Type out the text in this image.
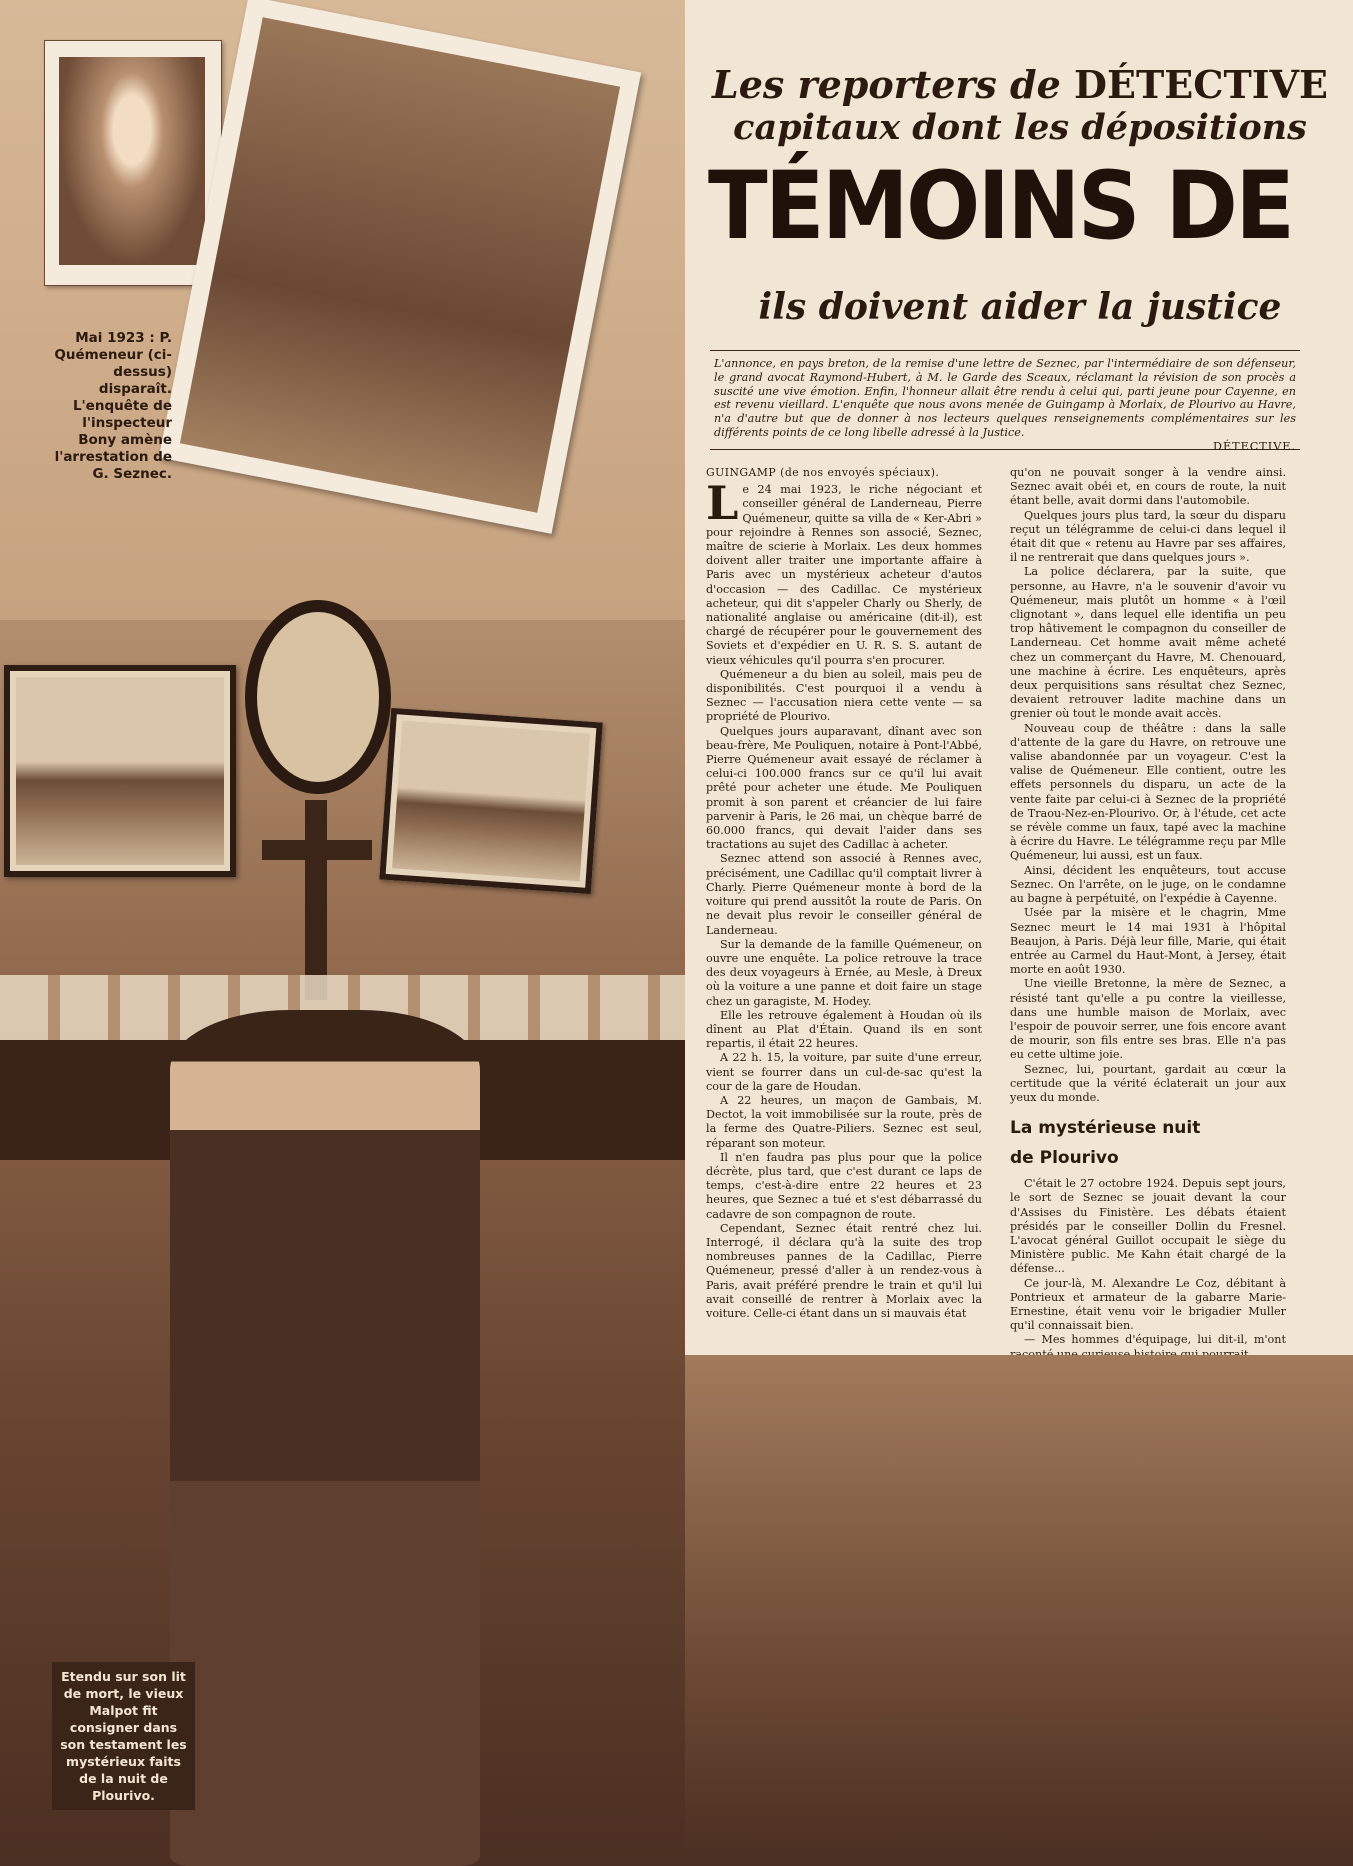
Mai 1923 : P. Quémeneur (ci-dessus) disparaît. L'enquête de l'inspecteur Bony amène l'arrestation de G. Seznec.
Les reporters de DÉTECTIVE
capitaux dont les dépositions
TÉMOINS DE
ils doivent aider la justice
L'annonce, en pays breton, de la remise d'une lettre de Seznec, par l'intermédiaire de son défenseur, le grand avocat Raymond-Hubert, à M. le Garde des Sceaux, réclamant la révision de son procès a suscité une vive émotion. Enfin, l'honneur allait être rendu à celui qui, parti jeune pour Cayenne, en est revenu vieillard. L'enquête que nous avons menée de Guingamp à Morlaix, de Plourivo au Havre, n'a d'autre but que de donner à nos lecteurs quelques renseignements complémentaires sur les différents points de ce long libelle adressé à la Justice.
DÉTECTIVE.

GUINGAMP (de nos envoyés spéciaux).

Le 24 mai 1923, le riche négociant et conseiller général de Landerneau, Pierre Quémeneur, quitte sa villa de « Ker-Abri » pour rejoindre à Rennes son associé, Seznec, maître de scierie à Morlaix. Les deux hommes doivent aller traiter une importante affaire à Paris avec un mystérieux acheteur d'autos d'occasion — des Cadillac. Ce mystérieux acheteur, qui dit s'appeler Charly ou Sherly, de nationalité anglaise ou américaine (dit-il), est chargé de récupérer pour le gouvernement des Soviets et d'expédier en U. R. S. S. autant de vieux véhicules qu'il pourra s'en procurer.

Quémeneur a du bien au soleil, mais peu de disponibilités. C'est pourquoi il a vendu à Seznec — l'accusation niera cette vente — sa propriété de Plourivo.

Quelques jours auparavant, dînant avec son beau-frère, Me Pouliquen, notaire à Pont-l'Abbé, Pierre Quémeneur avait essayé de réclamer à celui-ci 100.000 francs sur ce qu'il lui avait prêté pour acheter une étude. Me Pouliquen promit à son parent et créancier de lui faire parvenir à Paris, le 26 mai, un chèque barré de 60.000 francs, qui devait l'aider dans ses tractations au sujet des Cadillac à acheter.

Seznec attend son associé à Rennes avec, précisément, une Cadillac qu'il comptait livrer à Charly. Pierre Quémeneur monte à bord de la voiture qui prend aussitôt la route de Paris. On ne devait plus revoir le conseiller général de Landerneau.

Sur la demande de la famille Quémeneur, on ouvre une enquête. La police retrouve la trace des deux voyageurs à Ernée, au Mesle, à Dreux où la voiture a une panne et doit faire un stage chez un garagiste, M. Hodey.

Elle les retrouve également à Houdan où ils dînent au Plat d'Étain. Quand ils en sont repartis, il était 22 heures.

A 22 h. 15, la voiture, par suite d'une erreur, vient se fourrer dans un cul-de-sac qu'est la cour de la gare de Houdan.

A 22 heures, un maçon de Gambais, M. Dectot, la voit immobilisée sur la route, près de la ferme des Quatre-Piliers. Seznec est seul, réparant son moteur.

Il n'en faudra pas plus pour que la police décrète, plus tard, que c'est durant ce laps de temps, c'est-à-dire entre 22 heures et 23 heures, que Seznec a tué et s'est débarrassé du cadavre de son compagnon de route.

Cependant, Seznec était rentré chez lui. Interrogé, il déclara qu'à la suite des trop nombreuses pannes de la Cadillac, Pierre Quémeneur, pressé d'aller à un rendez-vous à Paris, avait préféré prendre le train et qu'il lui avait conseillé de rentrer à Morlaix avec la voiture. Celle-ci étant dans un si mauvais état

qu'on ne pouvait songer à la vendre ainsi. Seznec avait obéi et, en cours de route, la nuit étant belle, avait dormi dans l'automobile.

Quelques jours plus tard, la sœur du disparu reçut un télégramme de celui-ci dans lequel il était dit que « retenu au Havre par ses affaires, il ne rentrerait que dans quelques jours ».

La police déclarera, par la suite, que personne, au Havre, n'a le souvenir d'avoir vu Quémeneur, mais plutôt un homme « à l'œil clignotant », dans lequel elle identifia un peu trop hâtivement le compagnon du conseiller de Landerneau. Cet homme avait même acheté chez un commerçant du Havre, M. Chenouard, une machine à écrire. Les enquêteurs, après deux perquisitions sans résultat chez Seznec, devaient retrouver ladite machine dans un grenier où tout le monde avait accès.

Nouveau coup de théâtre : dans la salle d'attente de la gare du Havre, on retrouve une valise abandonnée par un voyageur. C'est la valise de Quémeneur. Elle contient, outre les effets personnels du disparu, un acte de la vente faite par celui-ci à Seznec de la propriété de Traou-Nez-en-Plourivo. Or, à l'étude, cet acte se révèle comme un faux, tapé avec la machine à écrire du Havre. Le télégramme reçu par Mlle Quémeneur, lui aussi, est un faux.

Ainsi, décident les enquêteurs, tout accuse Seznec. On l'arrête, on le juge, on le condamne au bagne à perpétuité, on l'expédie à Cayenne.

Usée par la misère et le chagrin, Mme Seznec meurt le 14 mai 1931 à l'hôpital Beaujon, à Paris. Déjà leur fille, Marie, qui était entrée au Carmel du Haut-Mont, à Jersey, était morte en août 1930.

Une vieille Bretonne, la mère de Seznec, a résisté tant qu'elle a pu contre la vieillesse, dans une humble maison de Morlaix, avec l'espoir de pouvoir serrer, une fois encore avant de mourir, son fils entre ses bras. Elle n'a pas eu cette ultime joie.

Seznec, lui, pourtant, gardait au cœur la certitude que la vérité éclaterait un jour aux yeux du monde.

La mystérieuse nuit
de Plourivo

C'était le 27 octobre 1924. Depuis sept jours, le sort de Seznec se jouait devant la cour d'Assises du Finistère. Les débats étaient présidés par le conseiller Dollin du Fresnel. L'avocat général Guillot occupait le siège du Ministère public. Me Kahn était chargé de la défense...

Ce jour-là, M. Alexandre Le Coz, débitant à Pontrieux et armateur de la gabarre Marie-Ernestine, était venu voir le brigadier Muller qu'il connaissait bien.

— Mes hommes d'équipage, lui dit-il, m'ont

Etendu sur son lit de mort, le vieux Malpot fit consigner dans son testament les mystérieux faits de la nuit de Plourivo.
